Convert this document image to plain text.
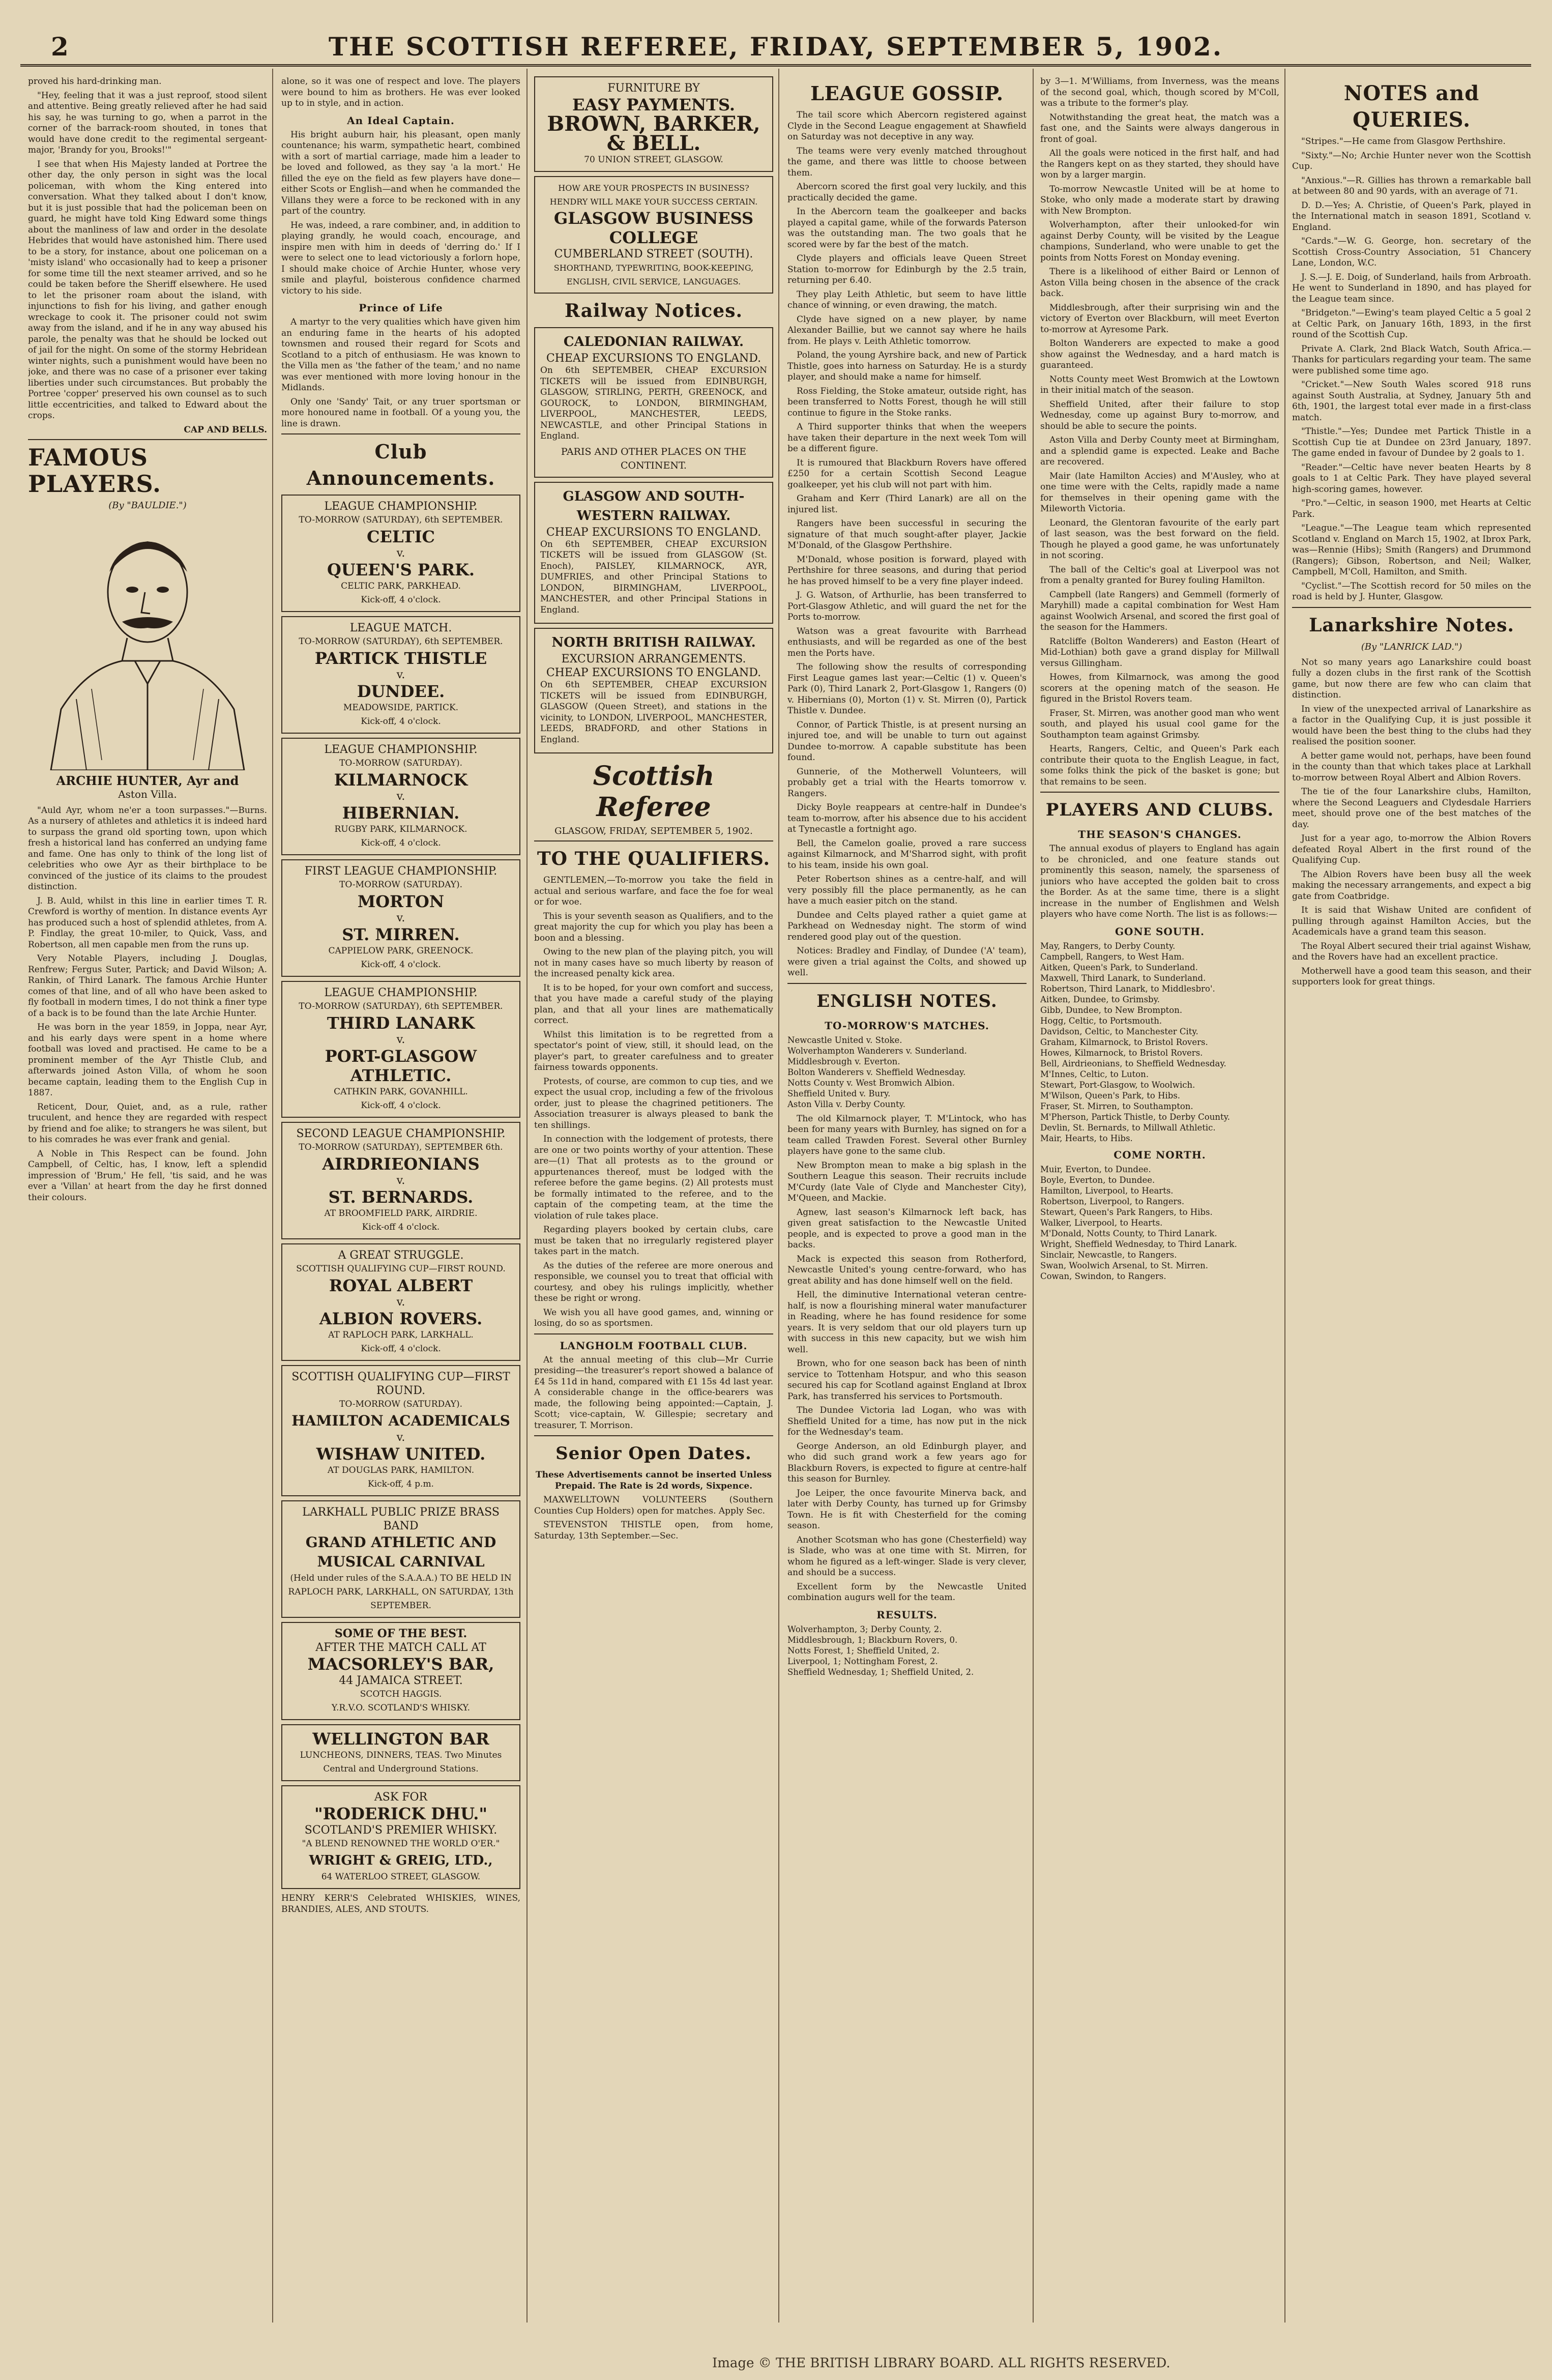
2	THE SCOTTISH REFEREE, FRIDAY, SEPTEMBER 5, 1902.

proved his hard-drinking man.

"Hey, feeling that it was a just reproof, stood silent and attentive. Being greatly relieved after he had said his say, he was turning to go, when a parrot in the corner of the barrack-room shouted, in tones that would have done credit to the regimental sergeant-major, 'Brandy for you, Brooks!'"

I see that when His Majesty landed at Portree the other day, the only person in sight was the local policeman, with whom the King entered into conversation. What they talked about I don't know, but it is just possible that had the policeman been on guard, he might have told King Edward some things about the manliness of law and order in the desolate Hebrides that would have astonished him. There used to be a story, for instance, about one policeman on a 'misty island' who occasionally had to keep a prisoner for some time till the next steamer arrived, and so he could be taken before the Sheriff elsewhere. He used to let the prisoner roam about the island, with injunctions to fish for his living, and gather enough wreckage to cook it. The prisoner could not swim away from the island, and if he in any way abused his parole, the penalty was that he should be locked out of jail for the night. On some of the stormy Hebridean winter nights, such a punishment would have been no joke, and there was no case of a prisoner ever taking liberties under such circumstances. But probably the Portree 'copper' preserved his own counsel as to such little eccentricities, and talked to Edward about the crops.

CAP AND BELLS.

FAMOUS PLAYERS.
(By "BAULDIE.")

ARCHIE HUNTER, Ayr and

Aston Villa.

"Auld Ayr, whom ne'er a toon surpasses."—Burns. As a nursery of athletes and athletics it is indeed hard to surpass the grand old sporting town, upon which fresh a historical land has conferred an undying fame and fame. One has only to think of the long list of celebrities who owe Ayr as their birthplace to be convinced of the justice of its claims to the proudest distinction.

J. B. Auld, whilst in this line in earlier times T. R. Crewford is worthy of mention. In distance events Ayr has produced such a host of splendid athletes, from A. P. Findlay, the great 10-miler, to Quick, Vass, and Robertson, all men capable men from the runs up.

Very Notable Players, including J. Douglas, Renfrew; Fergus Suter, Partick; and David Wilson; A. Rankin, of Third Lanark. The famous Archie Hunter comes of that line, and of all who have been asked to fly football in modern times, I do not think a finer type of a back is to be found than the late Archie Hunter.

He was born in the year 1859, in Joppa, near Ayr, and his early days were spent in a home where football was loved and practised. He came to be a prominent member of the Ayr Thistle Club, and afterwards joined Aston Villa, of whom he soon became captain, leading them to the English Cup in 1887.

Reticent, Dour, Quiet, and, as a rule, rather truculent, and hence they are regarded with respect by friend and foe alike; to strangers he was silent, but to his comrades he was ever frank and genial.

A Noble in This Respect can be found. John Campbell, of Celtic, has, I know, left a splendid impression of 'Brum,' He fell, 'tis said, and he was ever a 'Villan' at heart from the day he first donned their colours.

alone, so it was one of respect and love. The players were bound to him as brothers. He was ever looked up to in style, and in action.

An Ideal Captain.

His bright auburn hair, his pleasant, open manly countenance; his warm, sympathetic heart, combined with a sort of martial carriage, made him a leader to be loved and followed, as they say 'a la mort.' He filled the eye on the field as few players have done—either Scots or English—and when he commanded the Villans they were a force to be reckoned with in any part of the country.

He was, indeed, a rare combiner, and, in addition to playing grandly, he would coach, encourage, and inspire men with him in deeds of 'derring do.' If I were to select one to lead victoriously a forlorn hope, I should make choice of Archie Hunter, whose very smile and playful, boisterous confidence charmed victory to his side.

Prince of Life

A martyr to the very qualities which have given him an enduring fame in the hearts of his adopted townsmen and roused their regard for Scots and Scotland to a pitch of enthusiasm. He was known to the Villa men as 'the father of the team,' and no name was ever mentioned with more loving honour in the Midlands.

Only one 'Sandy' Tait, or any truer sportsman or more honoured name in football. Of a young you, the line is drawn.

Club Announcements.
LEAGUE CHAMPIONSHIP.
TO-MORROW (SATURDAY), 6th SEPTEMBER.
CELTIC
v.
QUEEN'S PARK.
CELTIC PARK, PARKHEAD.
Kick-off, 4 o'clock.
LEAGUE MATCH.
TO-MORROW (SATURDAY), 6th SEPTEMBER.
PARTICK THISTLE
v.
DUNDEE.
MEADOWSIDE, PARTICK.
Kick-off, 4 o'clock.
LEAGUE CHAMPIONSHIP.
TO-MORROW (SATURDAY).
KILMARNOCK
v.
HIBERNIAN.
RUGBY PARK, KILMARNOCK.
Kick-off, 4 o'clock.
FIRST LEAGUE CHAMPIONSHIP.
TO-MORROW (SATURDAY).
MORTON
v.
ST. MIRREN.
CAPPIELOW PARK, GREENOCK.
Kick-off, 4 o'clock.
LEAGUE CHAMPIONSHIP.
TO-MORROW (SATURDAY), 6th SEPTEMBER.
THIRD LANARK
v.
PORT-GLASGOW ATHLETIC.
CATHKIN PARK, GOVANHILL.
Kick-off, 4 o'clock.
SECOND LEAGUE CHAMPIONSHIP.
TO-MORROW (SATURDAY), SEPTEMBER 6th.
AIRDRIEONIANS
v.
ST. BERNARDS.
AT BROOMFIELD PARK, AIRDRIE.
Kick-off 4 o'clock.
A GREAT STRUGGLE.
SCOTTISH QUALIFYING CUP—FIRST ROUND.
ROYAL ALBERT
v.
ALBION ROVERS.
AT RAPLOCH PARK, LARKHALL.
Kick-off, 4 o'clock.
SCOTTISH QUALIFYING CUP—FIRST ROUND.
TO-MORROW (SATURDAY).
HAMILTON ACADEMICALS
v.
WISHAW UNITED.
AT DOUGLAS PARK, HAMILTON.
Kick-off, 4 p.m.
LARKHALL PUBLIC PRIZE BRASS BAND
GRAND ATHLETIC AND MUSICAL CARNIVAL
(Held under rules of the S.A.A.A.) TO BE HELD IN RAPLOCH PARK, LARKHALL, ON SATURDAY, 13th SEPTEMBER.
SOME OF THE BEST.
AFTER THE MATCH CALL AT
MACSORLEY'S BAR,
44 JAMAICA STREET.
SCOTCH HAGGIS.
Y.R.V.O. SCOTLAND'S WHISKY.
WELLINGTON BAR
LUNCHEONS, DINNERS, TEAS. Two Minutes Central and Underground Stations.
ASK FOR
"RODERICK DHU."
SCOTLAND'S PREMIER WHISKY.
"A BLEND RENOWNED THE WORLD O'ER."
WRIGHT & GREIG, LTD.,
64 WATERLOO STREET, GLASGOW.

HENRY KERR'S Celebrated WHISKIES, WINES, BRANDIES, ALES, AND STOUTS.

FURNITURE BY
EASY PAYMENTS.
BROWN, BARKER, & BELL.
70 UNION STREET, GLASGOW.
HOW ARE YOUR PROSPECTS IN BUSINESS? HENDRY WILL MAKE YOUR SUCCESS CERTAIN.
GLASGOW BUSINESS COLLEGE
CUMBERLAND STREET (SOUTH).
SHORTHAND, TYPEWRITING, BOOK-KEEPING, ENGLISH, CIVIL SERVICE, LANGUAGES.
Railway Notices.
CALEDONIAN RAILWAY.
CHEAP EXCURSIONS TO ENGLAND.

On 6th SEPTEMBER, CHEAP EXCURSION TICKETS will be issued from EDINBURGH, GLASGOW, STIRLING, PERTH, GREENOCK, and GOUROCK, to LONDON, BIRMINGHAM, LIVERPOOL, MANCHESTER, LEEDS, NEWCASTLE, and other Principal Stations in England.

PARIS AND OTHER PLACES ON THE CONTINENT.
GLASGOW AND SOUTH-WESTERN RAILWAY.
CHEAP EXCURSIONS TO ENGLAND.

On 6th SEPTEMBER, CHEAP EXCURSION TICKETS will be issued from GLASGOW (St. Enoch), PAISLEY, KILMARNOCK, AYR, DUMFRIES, and other Principal Stations to LONDON, BIRMINGHAM, LIVERPOOL, MANCHESTER, and other Principal Stations in England.

NORTH BRITISH RAILWAY.
EXCURSION ARRANGEMENTS. CHEAP EXCURSIONS TO ENGLAND.

On 6th SEPTEMBER, CHEAP EXCURSION TICKETS will be issued from EDINBURGH, GLASGOW (Queen Street), and stations in the vicinity, to LONDON, LIVERPOOL, MANCHESTER, LEEDS, BRADFORD, and other Stations in England.

Scottish Referee
GLASGOW, FRIDAY, SEPTEMBER 5, 1902.
TO THE QUALIFIERS.

GENTLEMEN,—To-morrow you take the field in actual and serious warfare, and face the foe for weal or for woe.

This is your seventh season as Qualifiers, and to the great majority the cup for which you play has been a boon and a blessing.

Owing to the new plan of the playing pitch, you will not in many cases have so much liberty by reason of the increased penalty kick area.

It is to be hoped, for your own comfort and success, that you have made a careful study of the playing plan, and that all your lines are mathematically correct.

Whilst this limitation is to be regretted from a spectator's point of view, still, it should lead, on the player's part, to greater carefulness and to greater fairness towards opponents.

Protests, of course, are common to cup ties, and we expect the usual crop, including a few of the frivolous order, just to please the chagrined petitioners. The Association treasurer is always pleased to bank the ten shillings.

In connection with the lodgement of protests, there are one or two points worthy of your attention. These are—(1) That all protests as to the ground or appurtenances thereof, must be lodged with the referee before the game begins. (2) All protests must be formally intimated to the referee, and to the captain of the competing team, at the time the violation of rule takes place.

Regarding players booked by certain clubs, care must be taken that no irregularly registered player takes part in the match.

As the duties of the referee are more onerous and responsible, we counsel you to treat that official with courtesy, and obey his rulings implicitly, whether these be right or wrong.

We wish you all have good games, and, winning or losing, do so as sportsmen.

LANGHOLM FOOTBALL CLUB.

At the annual meeting of this club—Mr Currie presiding—the treasurer's report showed a balance of £4 5s 11d in hand, compared with £1 15s 4d last year. A considerable change in the office-bearers was made, the following being appointed:—Captain, J. Scott; vice-captain, W. Gillespie; secretary and treasurer, T. Morrison.

Senior Open Dates.

These Advertisements cannot be inserted Unless Prepaid. The Rate is 2d words, Sixpence.

MAXWELLTOWN VOLUNTEERS (Southern Counties Cup Holders) open for matches. Apply Sec.

STEVENSTON THISTLE open, from home, Saturday, 13th September.—Sec.

LEAGUE GOSSIP.

The tail score which Abercorn registered against Clyde in the Second League engagement at Shawfield on Saturday was not deceptive in any way.

The teams were very evenly matched throughout the game, and there was little to choose between them.

Abercorn scored the first goal very luckily, and this practically decided the game.

In the Abercorn team the goalkeeper and backs played a capital game, while of the forwards Paterson was the outstanding man. The two goals that he scored were by far the best of the match.

Clyde players and officials leave Queen Street Station to-morrow for Edinburgh by the 2.5 train, returning per 6.40.

They play Leith Athletic, but seem to have little chance of winning, or even drawing, the match.

Clyde have signed on a new player, by name Alexander Baillie, but we cannot say where he hails from. He plays v. Leith Athletic tomorrow.

Poland, the young Ayrshire back, and new of Partick Thistle, goes into harness on Saturday. He is a sturdy player, and should make a name for himself.

Ross Fielding, the Stoke amateur, outside right, has been transferred to Notts Forest, though he will still continue to figure in the Stoke ranks.

A Third supporter thinks that when the weepers have taken their departure in the next week Tom will be a different figure.

It is rumoured that Blackburn Rovers have offered £250 for a certain Scottish Second League goalkeeper, yet his club will not part with him.

Graham and Kerr (Third Lanark) are all on the injured list.

Rangers have been successful in securing the signature of that much sought-after player, Jackie M'Donald, of the Glasgow Perthshire.

M'Donald, whose position is forward, played with Perthshire for three seasons, and during that period he has proved himself to be a very fine player indeed.

J. G. Watson, of Arthurlie, has been transferred to Port-Glasgow Athletic, and will guard the net for the Ports to-morrow.

Watson was a great favourite with Barrhead enthusiasts, and will be regarded as one of the best men the Ports have.

The following show the results of corresponding First League games last year:—Celtic (1) v. Queen's Park (0), Third Lanark 2, Port-Glasgow 1, Rangers (0) v. Hibernians (0), Morton (1) v. St. Mirren (0), Partick Thistle v. Dundee.

Connor, of Partick Thistle, is at present nursing an injured toe, and will be unable to turn out against Dundee to-morrow. A capable substitute has been found.

Gunnerie, of the Motherwell Volunteers, will probably get a trial with the Hearts tomorrow v. Rangers.

Dicky Boyle reappears at centre-half in Dundee's team to-morrow, after his absence due to his accident at Tynecastle a fortnight ago.

Bell, the Camelon goalie, proved a rare success against Kilmarnock, and M'Sharrod sight, with profit to his team, inside his own goal.

Peter Robertson shines as a centre-half, and will very possibly fill the place permanently, as he can have a much easier pitch on the stand.

Dundee and Celts played rather a quiet game at Parkhead on Wednesday night. The storm of wind rendered good play out of the question.

Notices: Bradley and Findlay, of Dundee ('A' team), were given a trial against the Colts, and showed up well.

ENGLISH NOTES.
TO-MORROW'S MATCHES.

Newcastle United v. Stoke.

Wolverhampton Wanderers v. Sunderland.

Middlesbrough v. Everton.

Bolton Wanderers v. Sheffield Wednesday.

Notts County v. West Bromwich Albion.

Sheffield United v. Bury.

Aston Villa v. Derby County.

The old Kilmarnock player, T. M'Lintock, who has been for many years with Burnley, has signed on for a team called Trawden Forest. Several other Burnley players have gone to the same club.

New Brompton mean to make a big splash in the Southern League this season. Their recruits include M'Curdy (late Vale of Clyde and Manchester City), M'Queen, and Mackie.

Agnew, last season's Kilmarnock left back, has given great satisfaction to the Newcastle United people, and is expected to prove a good man in the backs.

Mack is expected this season from Rotherford, Newcastle United's young centre-forward, who has great ability and has done himself well on the field.

Hell, the diminutive International veteran centre-half, is now a flourishing mineral water manufacturer in Reading, where he has found residence for some years. It is very seldom that our old players turn up with success in this new capacity, but we wish him well.

Brown, who for one season back has been of ninth service to Tottenham Hotspur, and who this season secured his cap for Scotland against England at Ibrox Park, has transferred his services to Portsmouth.

The Dundee Victoria lad Logan, who was with Sheffield United for a time, has now put in the nick for the Wednesday's team.

George Anderson, an old Edinburgh player, and who did such grand work a few years ago for Blackburn Rovers, is expected to figure at centre-half this season for Burnley.

Joe Leiper, the once favourite Minerva back, and later with Derby County, has turned up for Grimsby Town. He is fit with Chesterfield for the coming season.

Another Scotsman who has gone (Chesterfield) way is Slade, who was at one time with St. Mirren, for whom he figured as a left-winger. Slade is very clever, and should be a success.

Excellent form by the Newcastle United combination augurs well for the team.

RESULTS.

Wolverhampton, 3; Derby County, 2.

Middlesbrough, 1; Blackburn Rovers, 0.

Notts Forest, 1; Sheffield United, 2.

Liverpool, 1; Nottingham Forest, 2.

Sheffield Wednesday, 1; Sheffield United, 2.

by 3—1. M'Williams, from Inverness, was the means of the second goal, which, though scored by M'Coll, was a tribute to the former's play.

Notwithstanding the great heat, the match was a fast one, and the Saints were always dangerous in front of goal.

All the goals were noticed in the first half, and had the Rangers kept on as they started, they should have won by a larger margin.

To-morrow Newcastle United will be at home to Stoke, who only made a moderate start by drawing with New Brompton.

Wolverhampton, after their unlooked-for win against Derby County, will be visited by the League champions, Sunderland, who were unable to get the points from Notts Forest on Monday evening.

There is a likelihood of either Baird or Lennon of Aston Villa being chosen in the absence of the crack back.

Middlesbrough, after their surprising win and the victory of Everton over Blackburn, will meet Everton to-morrow at Ayresome Park.

Bolton Wanderers are expected to make a good show against the Wednesday, and a hard match is guaranteed.

Notts County meet West Bromwich at the Lowtown in their initial match of the season.

Sheffield United, after their failure to stop Wednesday, come up against Bury to-morrow, and should be able to secure the points.

Aston Villa and Derby County meet at Birmingham, and a splendid game is expected. Leake and Bache are recovered.

Mair (late Hamilton Accies) and M'Ausley, who at one time were with the Celts, rapidly made a name for themselves in their opening game with the Mileworth Victoria.

Leonard, the Glentoran favourite of the early part of last season, was the best forward on the field. Though he played a good game, he was unfortunately in not scoring.

The ball of the Celtic's goal at Liverpool was not from a penalty granted for Burey fouling Hamilton.

Campbell (late Rangers) and Gemmell (formerly of Maryhill) made a capital combination for West Ham against Woolwich Arsenal, and scored the first goal of the season for the Hammers.

Ratcliffe (Bolton Wanderers) and Easton (Heart of Mid-Lothian) both gave a grand display for Millwall versus Gillingham.

Howes, from Kilmarnock, was among the good scorers at the opening match of the season. He figured in the Bristol Rovers team.

Fraser, St. Mirren, was another good man who went south, and played his usual cool game for the Southampton team against Grimsby.

Hearts, Rangers, Celtic, and Queen's Park each contribute their quota to the English League, in fact, some folks think the pick of the basket is gone; but that remains to be seen.

PLAYERS AND CLUBS.
THE SEASON'S CHANGES.

The annual exodus of players to England has again to be chronicled, and one feature stands out prominently this season, namely, the sparseness of juniors who have accepted the golden bait to cross the Border. As at the same time, there is a slight increase in the number of Englishmen and Welsh players who have come North. The list is as follows:—

GONE SOUTH.

May, Rangers, to Derby County.

Campbell, Rangers, to West Ham.

Aitken, Queen's Park, to Sunderland.

Maxwell, Third Lanark, to Sunderland.

Robertson, Third Lanark, to Middlesbro'.

Aitken, Dundee, to Grimsby.

Gibb, Dundee, to New Brompton.

Hogg, Celtic, to Portsmouth.

Davidson, Celtic, to Manchester City.

Graham, Kilmarnock, to Bristol Rovers.

Howes, Kilmarnock, to Bristol Rovers.

Bell, Airdrieonians, to Sheffield Wednesday.

M'Innes, Celtic, to Luton.

Stewart, Port-Glasgow, to Woolwich.

M'Wilson, Queen's Park, to Hibs.

Fraser, St. Mirren, to Southampton.

M'Pherson, Partick Thistle, to Derby County.

Devlin, St. Bernards, to Millwall Athletic.

Mair, Hearts, to Hibs.

COME NORTH.

Muir, Everton, to Dundee.

Boyle, Everton, to Dundee.

Hamilton, Liverpool, to Hearts.

Robertson, Liverpool, to Rangers.

Stewart, Queen's Park Rangers, to Hibs.

Walker, Liverpool, to Hearts.

M'Donald, Notts County, to Third Lanark.

Wright, Sheffield Wednesday, to Third Lanark.

Sinclair, Newcastle, to Rangers.

Swan, Woolwich Arsenal, to St. Mirren.

Cowan, Swindon, to Rangers.

NOTES and QUERIES.

"Stripes."—He came from Glasgow Perthshire.

"Sixty."—No; Archie Hunter never won the Scottish Cup.

"Anxious."—R. Gillies has thrown a remarkable ball at between 80 and 90 yards, with an average of 71.

D. D.—Yes; A. Christie, of Queen's Park, played in the International match in season 1891, Scotland v. England.

"Cards."—W. G. George, hon. secretary of the Scottish Cross-Country Association, 51 Chancery Lane, London, W.C.

J. S.—J. E. Doig, of Sunderland, hails from Arbroath. He went to Sunderland in 1890, and has played for the League team since.

"Bridgeton."—Ewing's team played Celtic a 5 goal 2 at Celtic Park, on January 16th, 1893, in the first round of the Scottish Cup.

Private A. Clark, 2nd Black Watch, South Africa.—Thanks for particulars regarding your team. The same were published some time ago.

"Cricket."—New South Wales scored 918 runs against South Australia, at Sydney, January 5th and 6th, 1901, the largest total ever made in a first-class match.

"Thistle."—Yes; Dundee met Partick Thistle in a Scottish Cup tie at Dundee on 23rd January, 1897. The game ended in favour of Dundee by 2 goals to 1.

"Reader."—Celtic have never beaten Hearts by 8 goals to 1 at Celtic Park. They have played several high-scoring games, however.

"Pro."—Celtic, in season 1900, met Hearts at Celtic Park.

"League."—The League team which represented Scotland v. England on March 15, 1902, at Ibrox Park, was—Rennie (Hibs); Smith (Rangers) and Drummond (Rangers); Gibson, Robertson, and Neil; Walker, Campbell, M'Coll, Hamilton, and Smith.

"Cyclist."—The Scottish record for 50 miles on the road is held by J. Hunter, Glasgow.

Lanarkshire Notes.
(By "LANRICK LAD.")

Not so many years ago Lanarkshire could boast fully a dozen clubs in the first rank of the Scottish game, but now there are few who can claim that distinction.

In view of the unexpected arrival of Lanarkshire as a factor in the Qualifying Cup, it is just possible it would have been the best thing to the clubs had they realised the position sooner.

A better game would not, perhaps, have been found in the county than that which takes place at Larkhall to-morrow between Royal Albert and Albion Rovers.

The tie of the four Lanarkshire clubs, Hamilton, where the Second Leaguers and Clydesdale Harriers meet, should prove one of the best matches of the day.

Just for a year ago, to-morrow the Albion Rovers defeated Royal Albert in the first round of the Qualifying Cup.

The Albion Rovers have been busy all the week making the necessary arrangements, and expect a big gate from Coatbridge.

It is said that Wishaw United are confident of pulling through against Hamilton Accies, but the Academicals have a grand team this season.

The Royal Albert secured their trial against Wishaw, and the Rovers have had an excellent practice.

Motherwell have a good team this season, and their supporters look for great things.

Image © THE BRITISH LIBRARY BOARD. ALL RIGHTS RESERVED.
